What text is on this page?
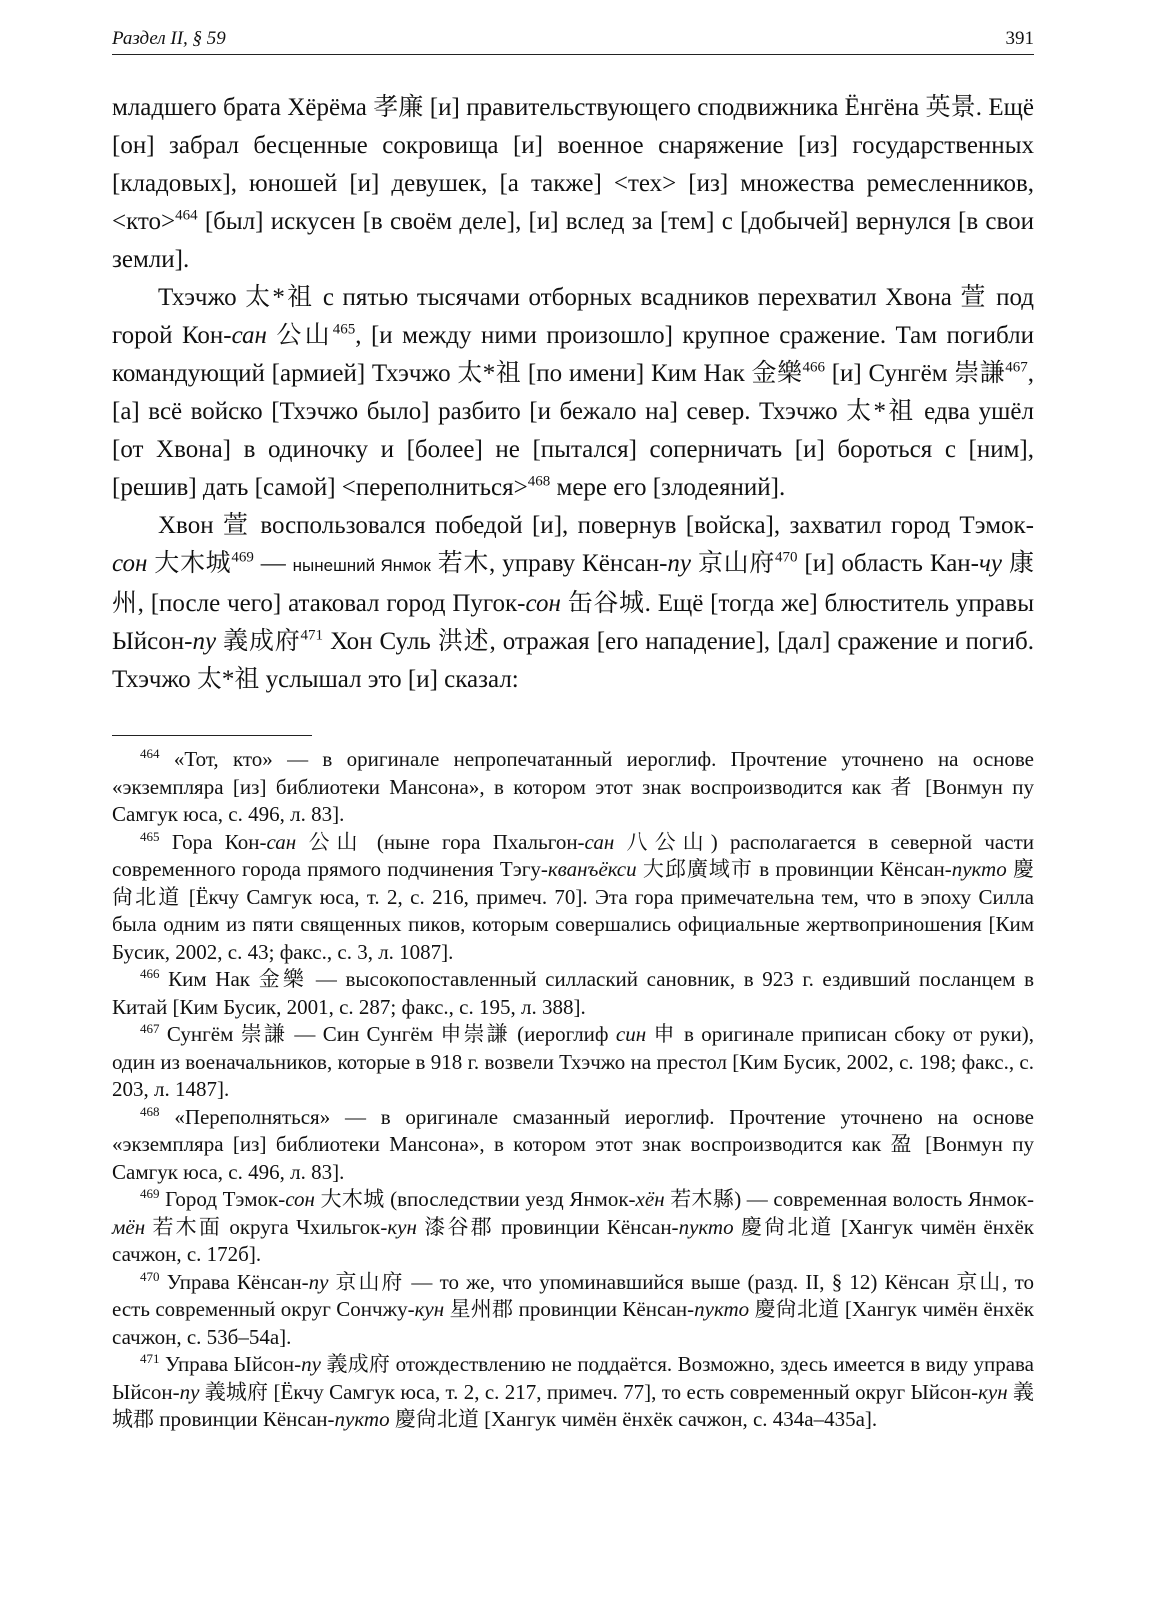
Раздел II, § 59	391

младшего брата Хёрёма 孝廉 [и] правительствующего сподвижника Ёнгёна 英景. Ещё [он] забрал бесценные сокровища [и] военное снаряжение [из] государственных [кладовых], юношей [и] девушек, [а также] <тех> [из] множества ремесленников, <кто>$^{464}$ [был] искусен [в своём деле], [и] вслед за [тем] с [добычей] вернулся [в свои земли].

Тхэчжо 太*祖 с пятью тысячами отборных всадников перехватил Хвона 萱 под горой Кон-сан 公山$^{465}$, [и между ними произошло] крупное сражение. Там погибли командующий [армией] Тхэчжо 太*祖 [по имени] Ким Нак 金樂$^{466}$ [и] Сунгём 崇謙$^{467}$, [а] всё войско [Тхэчжо было] разбито [и бежало на] север. Тхэчжо 太*祖 едва ушёл [от Хвона] в одиночку и [более] не [пытался] соперничать [и] бороться с [ним], [решив] дать [самой] <переполниться>$^{468}$ мере его [злодеяний].

Хвон 萱 воспользовался победой [и], повернув [войска], захватил город Тэмок-сон 大木城$^{469}$ — нынешний Янмок 若木, управу Кёнсан-пу 京山府$^{470}$ [и] область Кан-чу 康州, [после чего] атаковал город Пугок-сон 缶谷城. Ещё [тогда же] блюститель управы Ыйсон-пу 義成府$^{471}$ Хон Суль 洪述, отражая [его нападение], [дал] сражение и погиб. Тхэчжо 太*祖 услышал это [и] сказал:

$^{464}$ «Тот, кто» — в оригинале непропечатанный иероглиф. Прочтение уточнено на основе «экземпляра [из] библиотеки Мансона», в котором этот знак воспроизводится как 者 [Вонмун пу Самгук юса, с. 496, л. 83].

$^{465}$ Гора Кон-сан 公山 (ныне гора Пхальгон-сан 八公山) располагается в северной части современного города прямого подчинения Тэгу-кванъёкси 大邱廣域市 в провинции Кёнсан-пукто 慶尙北道 [Ёкчу Самгук юса, т. 2, с. 216, примеч. 70]. Эта гора примечательна тем, что в эпоху Силла была одним из пяти священных пиков, которым совершались официальные жертвоприношения [Ким Бусик, 2002, с. 43; факс., с. 3, л. 1087].

$^{466}$ Ким Нак 金樂 — высокопоставленный силлаский сановник, в 923 г. ездивший посланцем в Китай [Ким Бусик, 2001, с. 287; факс., с. 195, л. 388].

$^{467}$ Сунгём 崇謙 — Син Сунгём 申崇謙 (иероглиф син 申 в оригинале приписан сбоку от руки), один из военачальников, которые в 918 г. возвели Тхэчжо на престол [Ким Бусик, 2002, с. 198; факс., с. 203, л. 1487].

$^{468}$ «Переполняться» — в оригинале смазанный иероглиф. Прочтение уточнено на основе «экземпляра [из] библиотеки Мансона», в котором этот знак воспроизводится как 盈 [Вонмун пу Самгук юса, с. 496, л. 83].

$^{469}$ Город Тэмок-сон 大木城 (впоследствии уезд Янмок-хён 若木縣) — современная волость Янмок-мён 若木面 округа Чхильгок-кун 漆谷郡 провинции Кёнсан-пукто 慶尙北道 [Хангук чимён ёнхёк сачжон, с. 172б].

$^{470}$ Управа Кёнсан-пу 京山府 — то же, что упоминавшийся выше (разд. II, § 12) Кёнсан 京山, то есть современный округ Сончжу-кун 星州郡 провинции Кёнсан-пукто 慶尙北道 [Хангук чимён ёнхёк сачжон, с. 53б–54а].

$^{471}$ Управа Ыйсон-пу 義成府 отождествлению не поддаётся. Возможно, здесь имеется в виду управа Ыйсон-пу 義城府 [Ёкчу Самгук юса, т. 2, с. 217, примеч. 77], то есть современный округ Ыйсон-кун 義城郡 провинции Кёнсан-пукто 慶尙北道 [Хангук чимён ёнхёк сачжон, с. 434а–435а].
